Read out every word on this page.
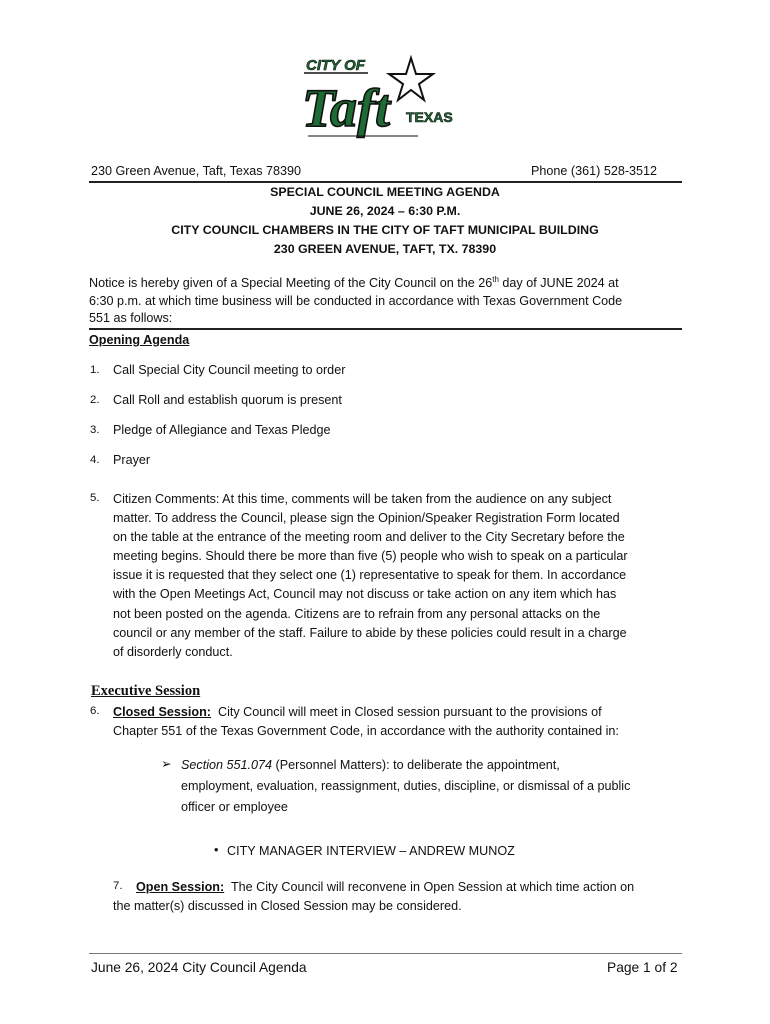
CITY OF
Taft TEXAS
230 Green Avenue, Taft, Texas 78390	Phone (361) 528-3512
SPECIAL COUNCIL MEETING AGENDA
JUNE 26, 2024 – 6:30 P.M.
CITY COUNCIL CHAMBERS IN THE CITY OF TAFT MUNICIPAL BUILDING
230 GREEN AVENUE, TAFT, TX. 78390
Notice is hereby given of a Special Meeting of the City Council on the 26th day of JUNE 2024 at
6:30 p.m. at which time business will be conducted in accordance with Texas Government Code
551 as follows:
Opening Agenda
1. Call Special City Council meeting to order
2. Call Roll and establish quorum is present
3. Pledge of Allegiance and Texas Pledge
4. Prayer
5. Citizen Comments: At this time, comments will be taken from the audience on any subject
matter. To address the Council, please sign the Opinion/Speaker Registration Form located
on the table at the entrance of the meeting room and deliver to the City Secretary before the
meeting begins. Should there be more than five (5) people who wish to speak on a particular
issue it is requested that they select one (1) representative to speak for them. In accordance
with the Open Meetings Act, Council may not discuss or take action on any item which has
not been posted on the agenda. Citizens are to refrain from any personal attacks on the
council or any member of the staff. Failure to abide by these policies could result in a charge
of disorderly conduct.
Executive Session
6. Closed Session:  City Council will meet in Closed session pursuant to the provisions of
Chapter 551 of the Texas Government Code, in accordance with the authority contained in:
➢ Section 551.074 (Personnel Matters): to deliberate the appointment,
employment, evaluation, reassignment, duties, discipline, or dismissal of a public
officer or employee
• CITY MANAGER INTERVIEW – ANDREW MUNOZ
7.	Open Session:  The City Council will reconvene in Open Session at which time action on
the matter(s) discussed in Closed Session may be considered.
June 26, 2024 City Council Agenda	Page 1 of 2
